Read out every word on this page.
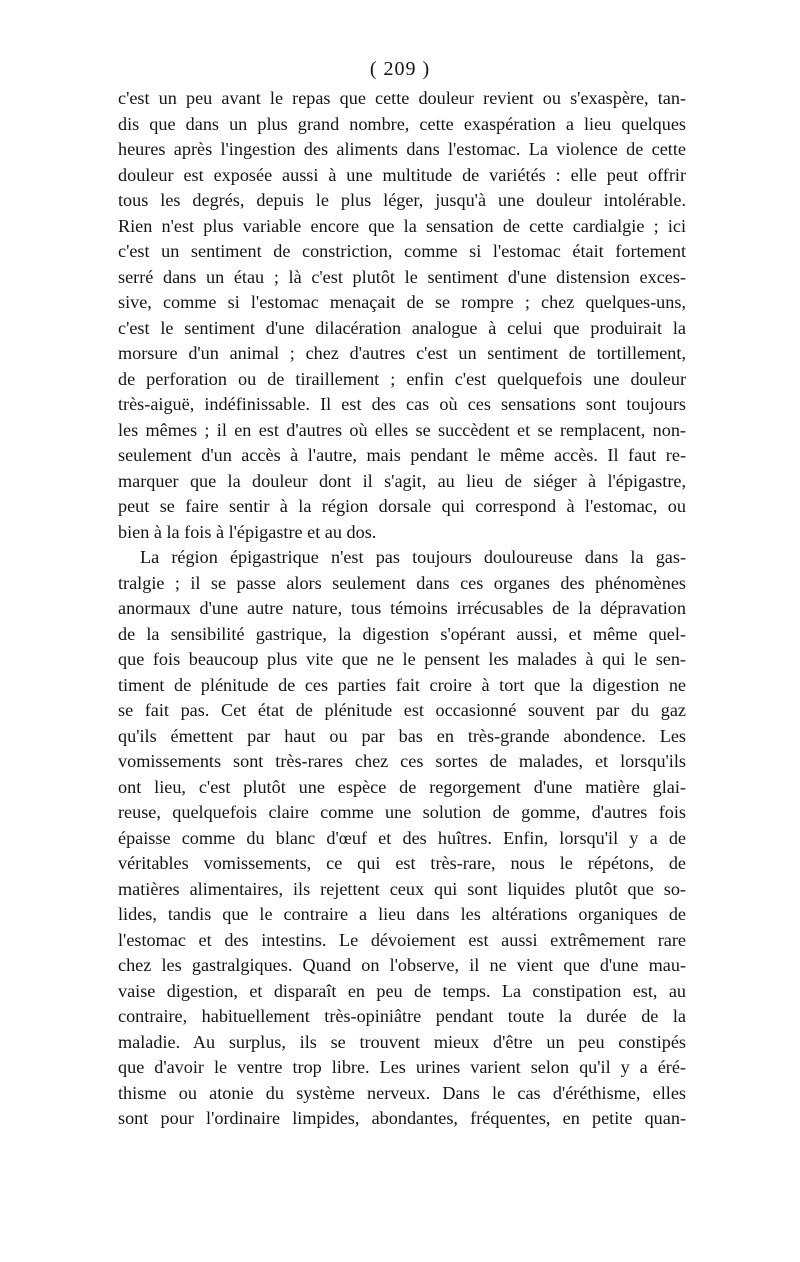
( 209 )
c'est un peu avant le repas que cette douleur revient ou s'exaspère, tan-
dis que dans un plus grand nombre, cette exaspération a lieu quelques
heures après l'ingestion des aliments dans l'estomac. La violence de cette
douleur est exposée aussi à une multitude de variétés : elle peut offrir
tous les degrés, depuis le plus léger, jusqu'à une douleur intolérable.
Rien n'est plus variable encore que la sensation de cette cardialgie ; ici
c'est un sentiment de constriction, comme si l'estomac était fortement
serré dans un étau ; là c'est plutôt le sentiment d'une distension exces-
sive, comme si l'estomac menaçait de se rompre ; chez quelques-uns,
c'est le sentiment d'une dilacération analogue à celui que produirait la
morsure d'un animal ; chez d'autres c'est un sentiment de tortillement,
de perforation ou de tiraillement ; enfin c'est quelquefois une douleur
très-aiguë, indéfinissable. Il est des cas où ces sensations sont toujours
les mêmes ; il en est d'autres où elles se succèdent et se remplacent, non-
seulement d'un accès à l'autre, mais pendant le même accès. Il faut re-
marquer que la douleur dont il s'agit, au lieu de siéger à l'épigastre,
peut se faire sentir à la région dorsale qui correspond à l'estomac, ou
bien à la fois à l'épigastre et au dos.
La région épigastrique n'est pas toujours douloureuse dans la gas-
tralgie ; il se passe alors seulement dans ces organes des phénomènes
anormaux d'une autre nature, tous témoins irrécusables de la dépravation
de la sensibilité gastrique, la digestion s'opérant aussi, et même quel-
que fois beaucoup plus vite que ne le pensent les malades à qui le sen-
timent de plénitude de ces parties fait croire à tort que la digestion ne
se fait pas. Cet état de plénitude est occasionné souvent par du gaz
qu'ils émettent par haut ou par bas en très-grande abondence. Les
vomissements sont très-rares chez ces sortes de malades, et lorsqu'ils
ont lieu, c'est plutôt une espèce de regorgement d'une matière glai-
reuse, quelquefois claire comme une solution de gomme, d'autres fois
épaisse comme du blanc d'œuf et des huîtres. Enfin, lorsqu'il y a de
véritables vomissements, ce qui est très-rare, nous le répétons, de
matières alimentaires, ils rejettent ceux qui sont liquides plutôt que so-
lides, tandis que le contraire a lieu dans les altérations organiques de
l'estomac et des intestins. Le dévoiement est aussi extrêmement rare
chez les gastralgiques. Quand on l'observe, il ne vient que d'une mau-
vaise digestion, et disparaît en peu de temps. La constipation est, au
contraire, habituellement très-opiniâtre pendant toute la durée de la
maladie. Au surplus, ils se trouvent mieux d'être un peu constipés
que d'avoir le ventre trop libre. Les urines varient selon qu'il y a éré-
thisme ou atonie du système nerveux. Dans le cas d'éréthisme, elles
sont pour l'ordinaire limpides, abondantes, fréquentes, en petite quan-
